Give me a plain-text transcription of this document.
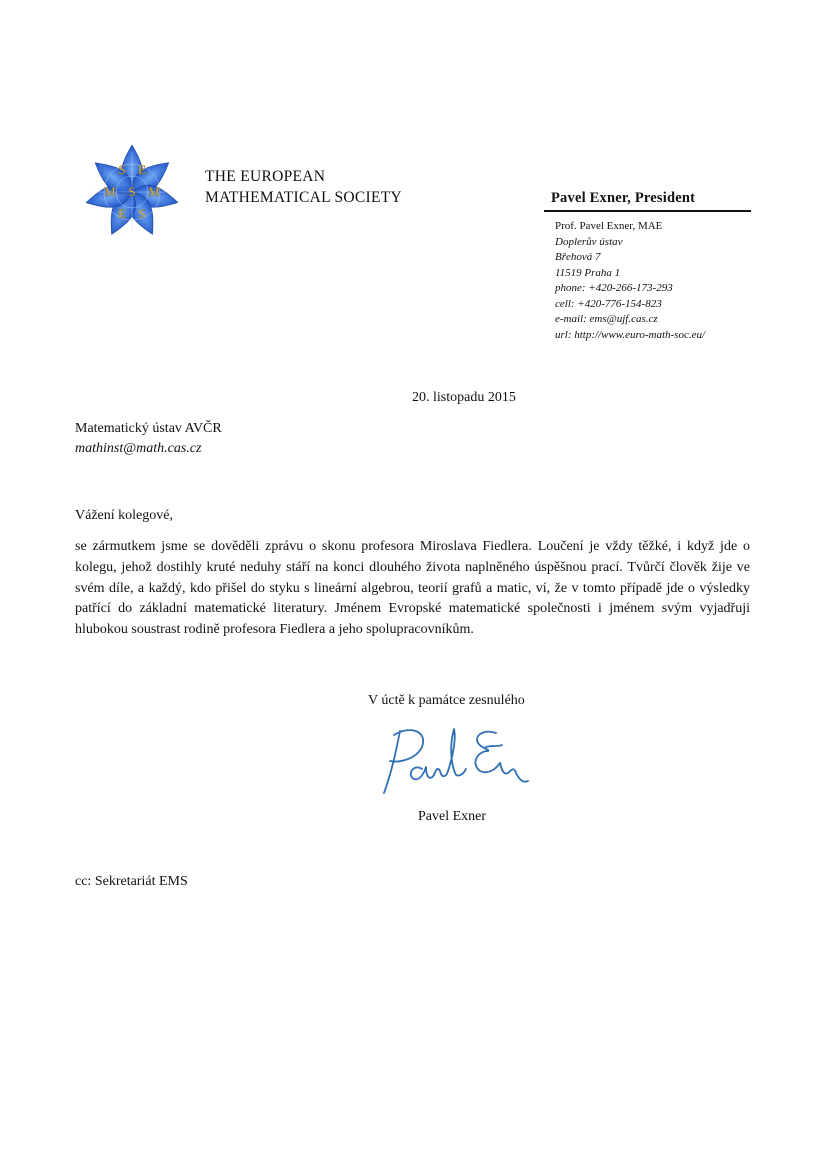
S E
M S M
E S
THE EUROPEAN
MATHEMATICAL SOCIETY	Pavel Exner, President
Prof. Pavel Exner, MAE
Doplerův ústav
Břehová 7
11519 Praha 1
phone: +420-266-173-293
cell: +420-776-154-823
e-mail: ems@ujf.cas.cz
url: http://www.euro-math-soc.eu/
20. listopadu 2015
Matematický ústav AVČR
mathinst@math.cas.cz
Vážení kolegové,
se zármutkem jsme se dověděli zprávu o skonu profesora Miroslava Fiedlera. Loučení je vždy těžké, i když jde o kolegu, jehož dostihly kruté neduhy stáří na konci dlouhého života naplněného úspěšnou prací. Tvůrčí člověk žije ve svém díle, a každý, kdo přišel do styku s lineární algebrou, teorií grafů a matic, ví, že v tomto případě jde o výsledky patřící do základní matematické literatury. Jménem Evropské matematické společnosti i jménem svým vyjadřuji hlubokou soustrast rodině profesora Fiedlera a jeho spolupracovníkům.
V úctě k památce zesnulého
Pavel Exner
cc: Sekretariát EMS
